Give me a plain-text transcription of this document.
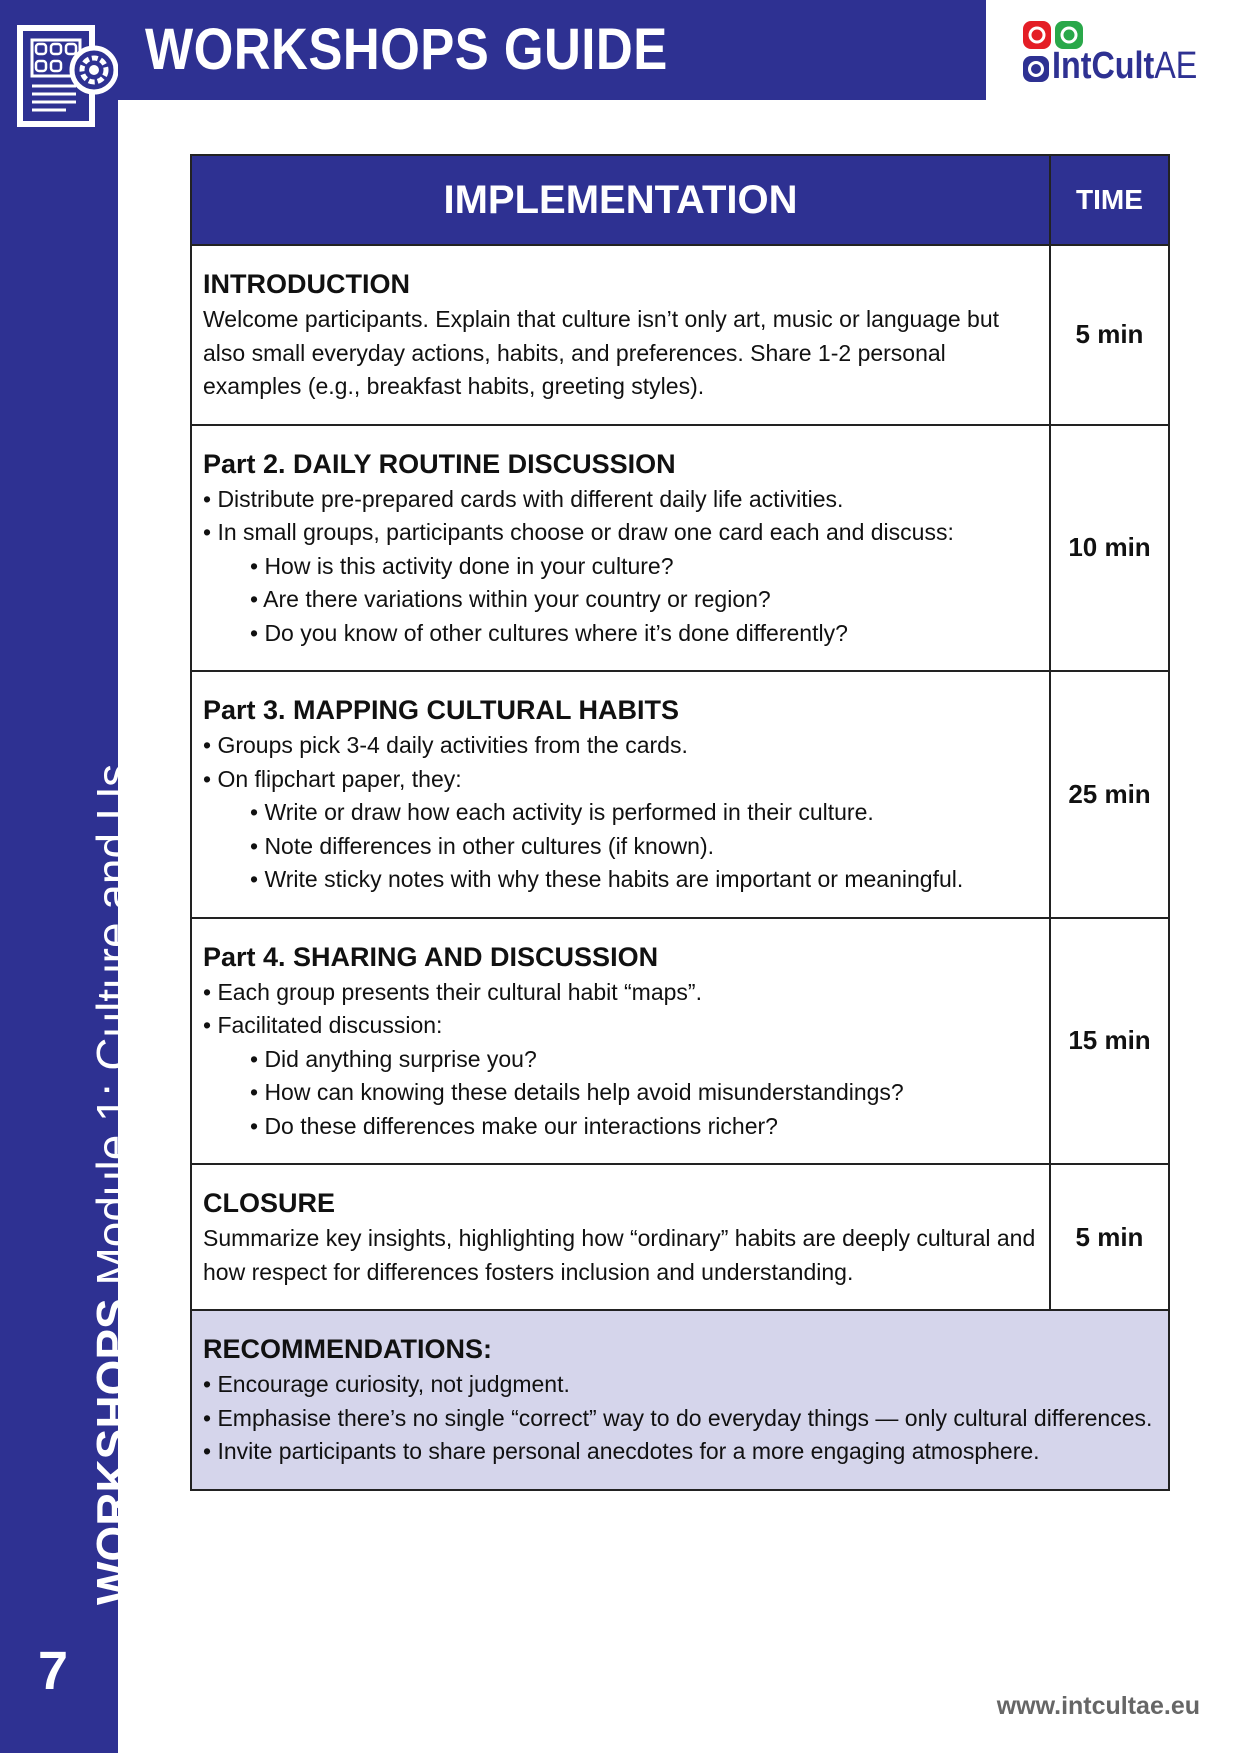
WORKSHOPS Module 1: Culture and Us
7
WORKSHOPS GUIDE	IntCultAE
IMPLEMENTATION	TIME
INTRODUCTION
Welcome participants. Explain that culture isn’t only art, music or language but also small everyday actions, habits, and preferences. Share 1-2 personal examples (e.g., breakfast habits, greeting styles).
5 min
Part 2. DAILY ROUTINE DISCUSSION
• Distribute pre-prepared cards with different daily life activities.
• In small groups, participants choose or draw one card each and discuss:
• How is this activity done in your culture?
• Are there variations within your country or region?
• Do you know of other cultures where it’s done differently?
10 min
Part 3. MAPPING CULTURAL HABITS
• Groups pick 3-4 daily activities from the cards.
• On flipchart paper, they:
• Write or draw how each activity is performed in their culture.
• Note differences in other cultures (if known).
• Write sticky notes with why these habits are important or meaningful.
25 min
Part 4. SHARING AND DISCUSSION
• Each group presents their cultural habit “maps”.
• Facilitated discussion:
• Did anything surprise you?
• How can knowing these details help avoid misunderstandings?
• Do these differences make our interactions richer?
15 min
CLOSURE
Summarize key insights, highlighting how “ordinary” habits are deeply cultural and how respect for differences fosters inclusion and understanding.
5 min
RECOMMENDATIONS:
• Encourage curiosity, not judgment.
• Emphasise there’s no single “correct” way to do everyday things — only cultural differences.
• Invite participants to share personal anecdotes for a more engaging atmosphere.
www.intcultae.eu
